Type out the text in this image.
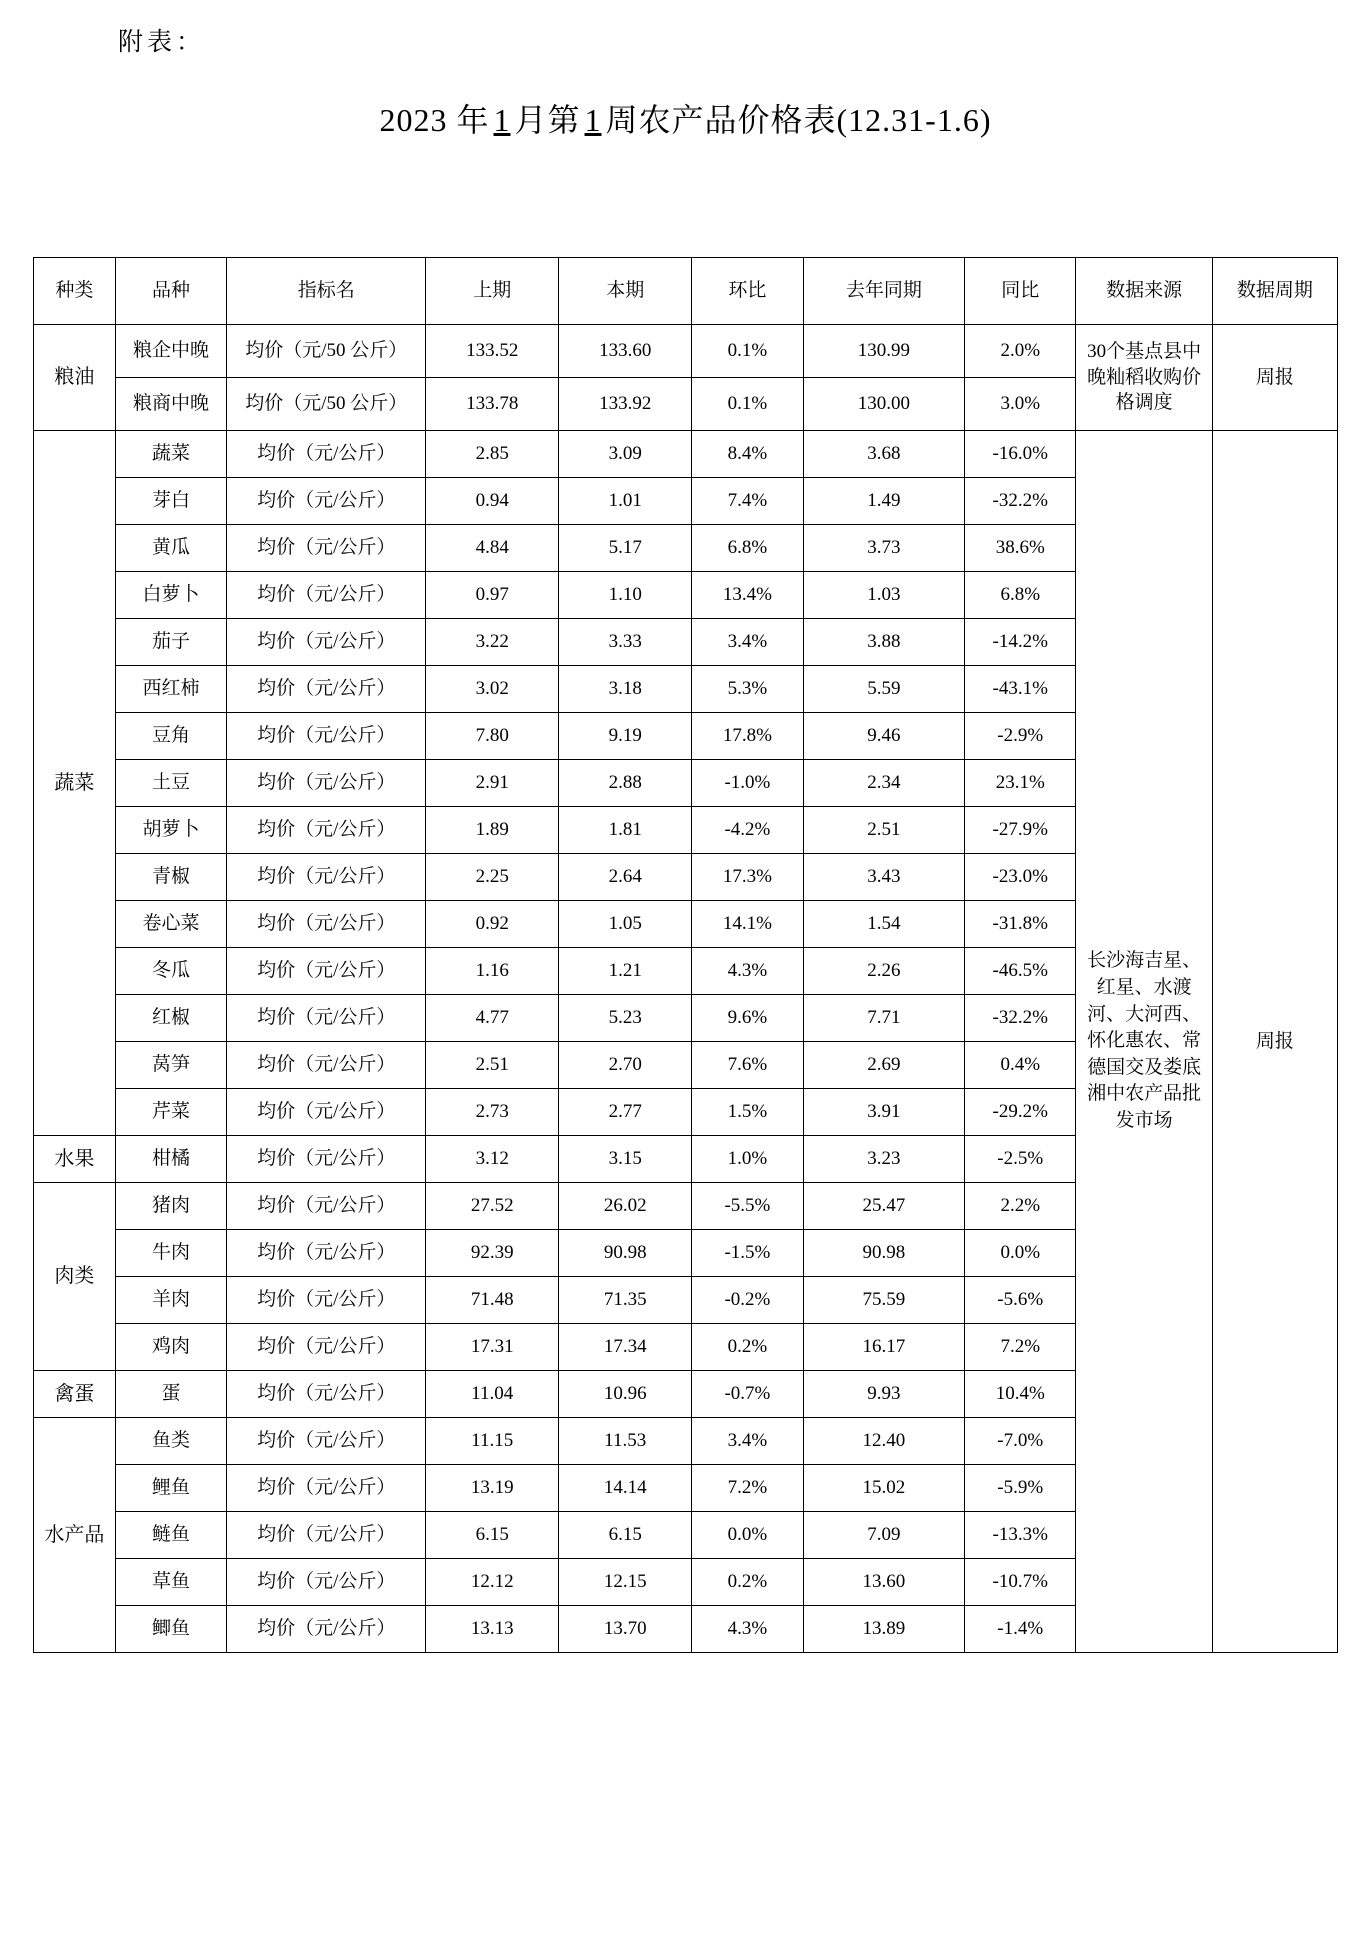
附表：
2023 年 1 月第 1 周农产品价格表(12.31-1.6)
种类	品种	指标名	上期	本期	环比	去年同期	同比	数据来源	数据周期
粮油	粮企中晚	均价（元/50 公斤）	133.52	133.60	0.1%	130.99	2.0%	30个基点县中晚籼稻收购价格调度	周报
	粮商中晚	均价（元/50 公斤）	133.78	133.92	0.1%	130.00	3.0%		
蔬菜	蔬菜	均价（元/公斤）	2.85	3.09	8.4%	3.68	-16.0%	长沙海吉星、红星、水渡河、大河西、怀化惠农、常德国交及娄底湘中农产品批发市场	周报
	芽白	均价（元/公斤）	0.94	1.01	7.4%	1.49	-32.2%		
	黄瓜	均价（元/公斤）	4.84	5.17	6.8%	3.73	38.6%		
	白萝卜	均价（元/公斤）	0.97	1.10	13.4%	1.03	6.8%		
	茄子	均价（元/公斤）	3.22	3.33	3.4%	3.88	-14.2%		
	西红柿	均价（元/公斤）	3.02	3.18	5.3%	5.59	-43.1%		
	豆角	均价（元/公斤）	7.80	9.19	17.8%	9.46	-2.9%		
	土豆	均价（元/公斤）	2.91	2.88	-1.0%	2.34	23.1%		
	胡萝卜	均价（元/公斤）	1.89	1.81	-4.2%	2.51	-27.9%		
	青椒	均价（元/公斤）	2.25	2.64	17.3%	3.43	-23.0%		
	卷心菜	均价（元/公斤）	0.92	1.05	14.1%	1.54	-31.8%		
	冬瓜	均价（元/公斤）	1.16	1.21	4.3%	2.26	-46.5%		
	红椒	均价（元/公斤）	4.77	5.23	9.6%	7.71	-32.2%		
	莴笋	均价（元/公斤）	2.51	2.70	7.6%	2.69	0.4%		
	芹菜	均价（元/公斤）	2.73	2.77	1.5%	3.91	-29.2%		
水果	柑橘	均价（元/公斤）	3.12	3.15	1.0%	3.23	-2.5%		
肉类	猪肉	均价（元/公斤）	27.52	26.02	-5.5%	25.47	2.2%		
	牛肉	均价（元/公斤）	92.39	90.98	-1.5%	90.98	0.0%		
	羊肉	均价（元/公斤）	71.48	71.35	-0.2%	75.59	-5.6%		
	鸡肉	均价（元/公斤）	17.31	17.34	0.2%	16.17	7.2%		
禽蛋	蛋	均价（元/公斤）	11.04	10.96	-0.7%	9.93	10.4%		
水产品	鱼类	均价（元/公斤）	11.15	11.53	3.4%	12.40	-7.0%		
	鲤鱼	均价（元/公斤）	13.19	14.14	7.2%	15.02	-5.9%		
	鲢鱼	均价（元/公斤）	6.15	6.15	0.0%	7.09	-13.3%		
	草鱼	均价（元/公斤）	12.12	12.15	0.2%	13.60	-10.7%		
	鲫鱼	均价（元/公斤）	13.13	13.70	4.3%	13.89	-1.4%		
